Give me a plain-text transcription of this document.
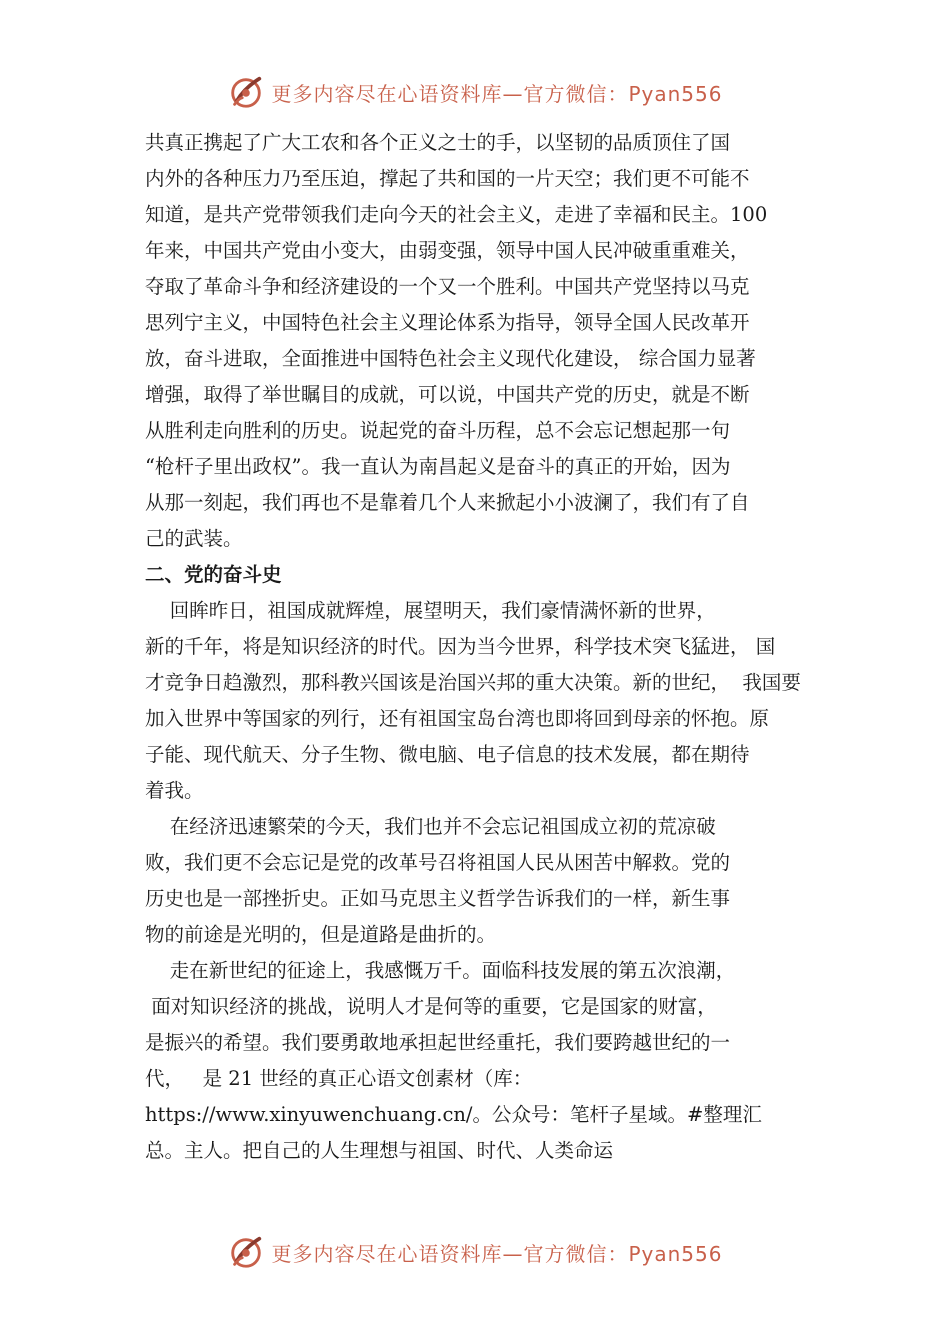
更多内容尽在心语资料库—官方微信：Pyan556
共真正携起了广大工农和各个正义之士的手，以坚韧的品质顶住了国
内外的各种压力乃至压迫，撑起了共和国的一片天空；我们更不可能不
知道，是共产党带领我们走向今天的社会主义，走进了幸福和民主。100
年来，中国共产党由小变大，由弱变强，领导中国人民冲破重重难关，
夺取了革命斗争和经济建设的一个又一个胜利。中国共产党坚持以马克
思列宁主义，中国特色社会主义理论体系为指导，领导全国人民改革开
放，奋斗进取，全面推进中国特色社会主义现代化建设， 综合国力显著
增强，取得了举世瞩目的成就，可以说，中国共产党的历史，就是不断
从胜利走向胜利的历史。说起党的奋斗历程，总不会忘记想起那一句
“枪杆子里出政权”。我一直认为南昌起义是奋斗的真正的开始，因为
从那一刻起，我们再也不是靠着几个人来掀起小小波澜了，我们有了自
己的武装。
二、党的奋斗史
回眸昨日，祖国成就辉煌，展望明天，我们豪情满怀新的世界，
新的千年，将是知识经济的时代。因为当今世界，科学技术突飞猛进， 国
才竞争日趋激烈，那科教兴国该是治国兴邦的重大决策。新的世纪，  我国要
加入世界中等国家的列行，还有祖国宝岛台湾也即将回到母亲的怀抱。原
子能、现代航天、分子生物、微电脑、电子信息的技术发展，都在期待
着我。
在经济迅速繁荣的今天，我们也并不会忘记祖国成立初的荒凉破
败，我们更不会忘记是党的改革号召将祖国人民从困苦中解救。党的
历史也是一部挫折史。正如马克思主义哲学告诉我们的一样，新生事
物的前途是光明的，但是道路是曲折的。
走在新世纪的征途上，我感慨万千。面临科技发展的第五次浪潮，
面对知识经济的挑战，说明人才是何等的重要，它是国家的财富，
是振兴的希望。我们要勇敢地承担起世经重托，我们要跨越世纪的一
代，   是 21 世经的真正心语文创素材（库：
https://www.xinyuwenchuang.cn/。公众号：笔杆子星域。#整理汇
总。主人。把自己的人生理想与祖国、时代、人类命运
更多内容尽在心语资料库—官方微信：Pyan556
